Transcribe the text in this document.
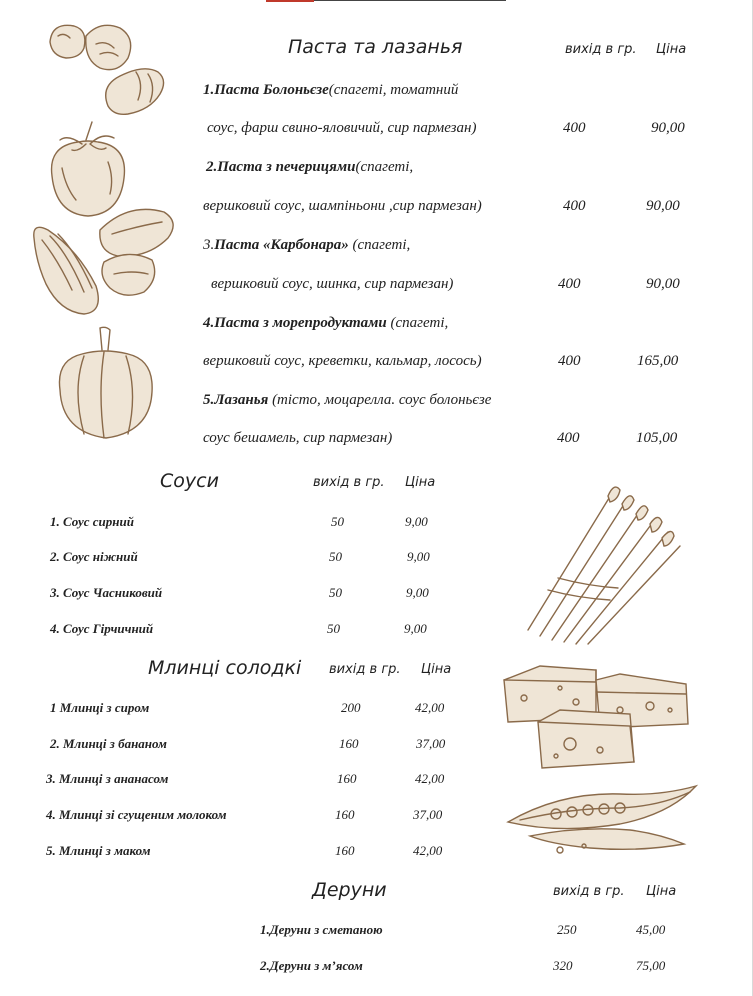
Паста та лазанья	вихід в гр. Ціна
1.Паста Болоньєзе(спагеті, томатний
соус, фарш свино-яловичий, сир пармезан)	400	90,00
2.Паста з печерицями(спагеті,
вершковий соус, шампіньони ,сир пармезан)	400	90,00
3.Паста «Карбонара» (спагеті,
вершковий соус, шинка, сир пармезан)	400	90,00
4.Паста з морепродуктами (спагеті,
вершковий соус, креветки, кальмар, лосось)	400	165,00
5.Лазанья (тісто, моцарелла. соус болоньєзе
соус бешамель, сир пармезан)	400	105,00
Соуси	вихід в гр. Ціна
1. Соус сирний	50	9,00
2. Соус ніжний	50	9,00
3. Соус Часниковий	50	9,00
4. Соус Гірчичний	50	9,00
Млинці солодкі вихід в гр. Ціна
1 Млинці з сиром	200	42,00
2. Млинці з бананом	160	37,00
3. Млинці з ананасом	160	42,00
4. Млинці зі сгущеним молоком	160	37,00
5. Млинці з маком	160	42,00
Деруни	вихід в гр. Ціна
1.Деруни з сметаною	250	45,00
2.Деруни з м’ясом	320	75,00
